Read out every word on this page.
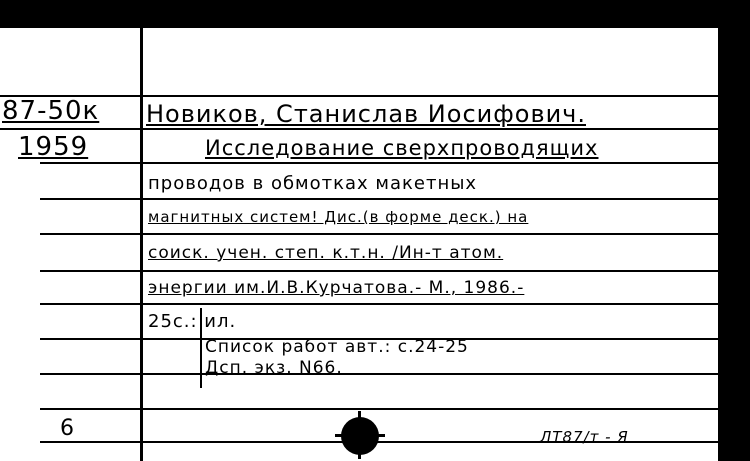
87-50к
1959
Новиков, Станислав Иосифович.
Исследование сверхпроводящих
проводов в обмотках макетных
магнитных систем! Дис.(в форме деск.) на
соиск. учен. степ. к.т.н. /Ин-т атом.
энергии им.И.В.Курчатова.- М., 1986.-
25с.: ил.
Список работ авт.: с.24-25
Дсп. экз. N66.
6	ЛТ87/т - Я
